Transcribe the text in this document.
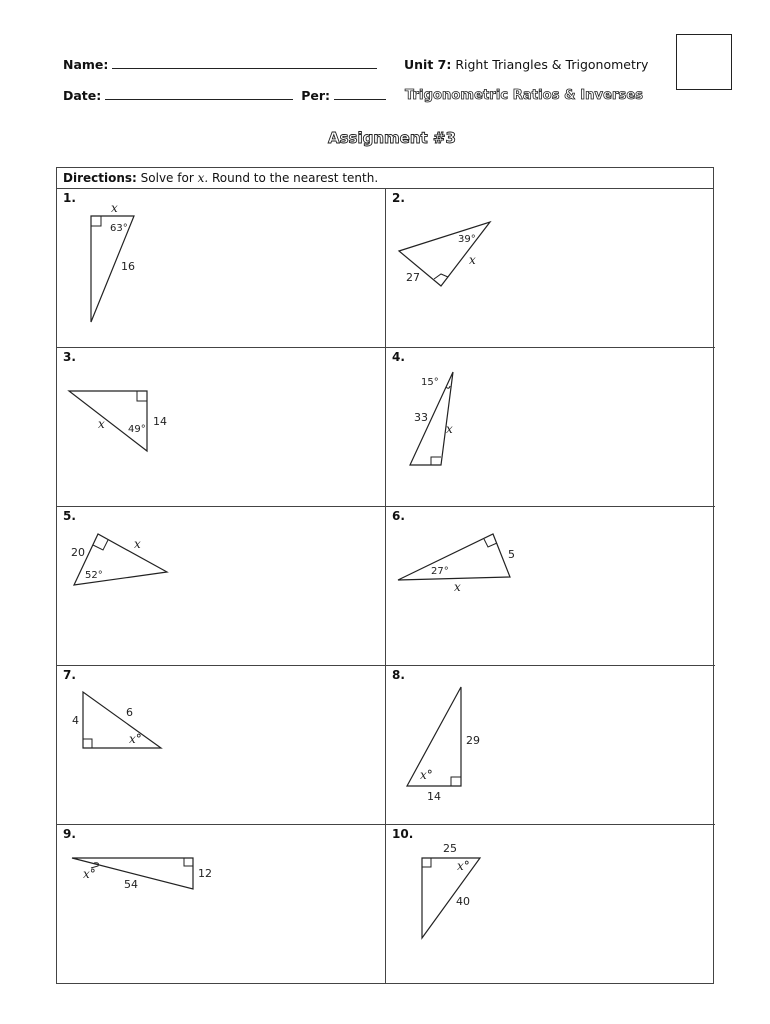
Name:
Date:	Per:
Unit 7: Right Triangles & Trigonometry
Trigonometric Ratios & Inverses
Assignment #3
Directions: Solve for x. Round to the nearest tenth.
1.
x
63°
16
2.
39°
x
27
3.
x 49°
14
4.
15°
33
x
5.
20
x
52°
6.
27°
5
x
7.
4
6
x°
8.
29
x°
14
9.
x°
54
12
10.
25
x°
40
